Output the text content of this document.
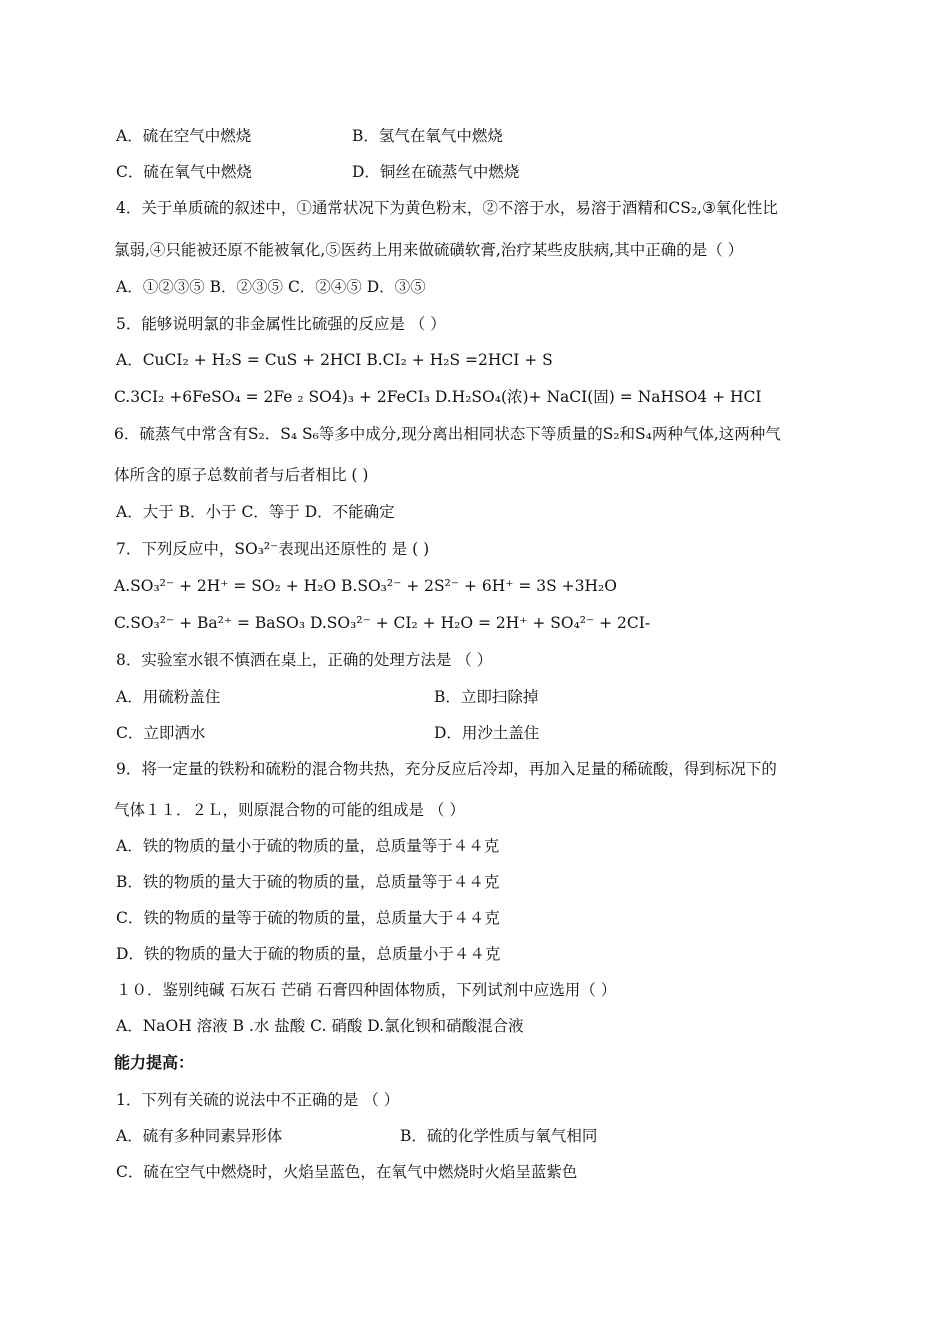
A．硫在空气中燃烧	B．氢气在氧气中燃烧
C．硫在氧气中燃烧	D．铜丝在硫蒸气中燃烧
4．关于单质硫的叙述中，①通常状况下为黄色粉末，②不溶于水，易溶于酒精和CS₂,③氧化性比
氯弱,④只能被还原不能被氧化,⑤医药上用来做硫磺软膏,治疗某些皮肤病,其中正确的是（ ）
A．①②③⑤ B．②③⑤ C．②④⑤ D．③⑤
5．能够说明氯的非金属性比硫强的反应是 （ ）
A．CuCI₂ + H₂S = CuS + 2HCI B.CI₂ + H₂S =2HCI + S
C.3CI₂ +6FeSO₄ = 2Fe ₂ SO4)₃ + 2FeCI₃ D.H₂SO₄(浓)+ NaCI(固) = NaHSO4 + HCI
6．硫蒸气中常含有S₂．S₄ S₆等多中成分,现分离出相同状态下等质量的S₂和S₄两种气体,这两种气
体所含的原子总数前者与后者相比 ( )
A．大于 B．小于 C．等于 D．不能确定
7．下列反应中，SO₃²⁻表现出还原性的 是 ( )
A.SO₃²⁻ + 2H⁺ = SO₂ + H₂O B.SO₃²⁻ + 2S²⁻ + 6H⁺ = 3S +3H₂O
C.SO₃²⁻ + Ba²⁺ = BaSO₃ D.SO₃²⁻ + CI₂ + H₂O = 2H⁺ + SO₄²⁻ + 2CI-
8．实验室水银不慎洒在桌上，正确的处理方法是 （ ）
A．用硫粉盖住	B．立即扫除掉
C．立即洒水	D．用沙土盖住
9．将一定量的铁粉和硫粉的混合物共热，充分反应后冷却，再加入足量的稀硫酸，得到标况下的
气体１１．２Ｌ，则原混合物的可能的组成是 （ ）
A．铁的物质的量小于硫的物质的量，总质量等于４４克
B．铁的物质的量大于硫的物质的量，总质量等于４４克
C．铁的物质的量等于硫的物质的量，总质量大于４４克
D．铁的物质的量大于硫的物质的量，总质量小于４４克
１０．鉴别纯碱 石灰石 芒硝 石膏四种固体物质，下列试剂中应选用（ ）
A．NaOH 溶液 B .水 盐酸 C. 硝酸 D.氯化钡和硝酸混合液
能力提高：
1．下列有关硫的说法中不正确的是 （ ）
A．硫有多种同素异形体	B．硫的化学性质与氧气相同
C．硫在空气中燃烧时，火焰呈蓝色，在氧气中燃烧时火焰呈蓝紫色
